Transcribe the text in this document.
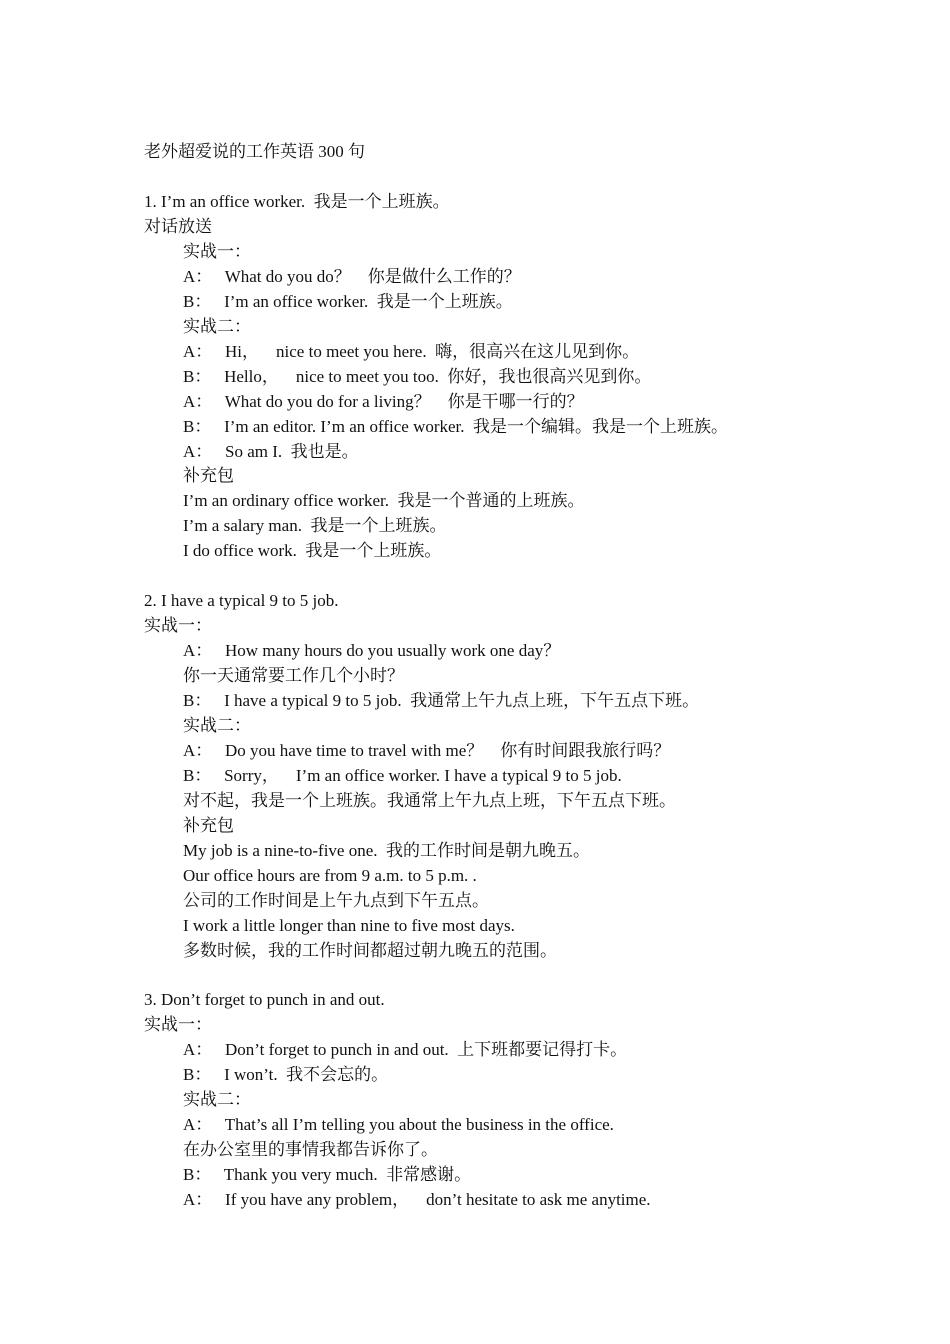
老外超爱说的工作英语 300 句
1. I’m an office worker.  我是一个上班族。
对话放送
实战一：
A：   What do you do？    你是做什么工作的？
B：   I’m an office worker.  我是一个上班族。
实战二：
A：   Hi，    nice to meet you here.  嗨，很高兴在这儿见到你。
B：   Hello，    nice to meet you too.  你好，我也很高兴见到你。
A：   What do you do for a living？    你是干哪一行的？
B：   I’m an editor. I’m an office worker.  我是一个编辑。我是一个上班族。
A：   So am I.  我也是。
补充包
I’m an ordinary office worker.  我是一个普通的上班族。
I’m a salary man.  我是一个上班族。
I do office work.  我是一个上班族。
2. I have a typical 9 to 5 job.
实战一：
A：   How many hours do you usually work one day？
你一天通常要工作几个小时？
B：   I have a typical 9 to 5 job.  我通常上午九点上班，下午五点下班。
实战二：
A：   Do you have time to travel with me？    你有时间跟我旅行吗？
B：   Sorry，    I’m an office worker. I have a typical 9 to 5 job.
对不起，我是一个上班族。我通常上午九点上班，下午五点下班。
补充包
My job is a nine-to-five one.  我的工作时间是朝九晚五。
Our office hours are from 9 a.m. to 5 p.m. .
公司的工作时间是上午九点到下午五点。
I work a little longer than nine to five most days.
多数时候，我的工作时间都超过朝九晚五的范围。
3. Don’t forget to punch in and out.
实战一：
A：   Don’t forget to punch in and out.  上下班都要记得打卡。
B：   I won’t.  我不会忘的。
实战二：
A：   That’s all I’m telling you about the business in the office.
在办公室里的事情我都告诉你了。
B：   Thank you very much.  非常感谢。
A：   If you have any problem，    don’t hesitate to ask me anytime.
